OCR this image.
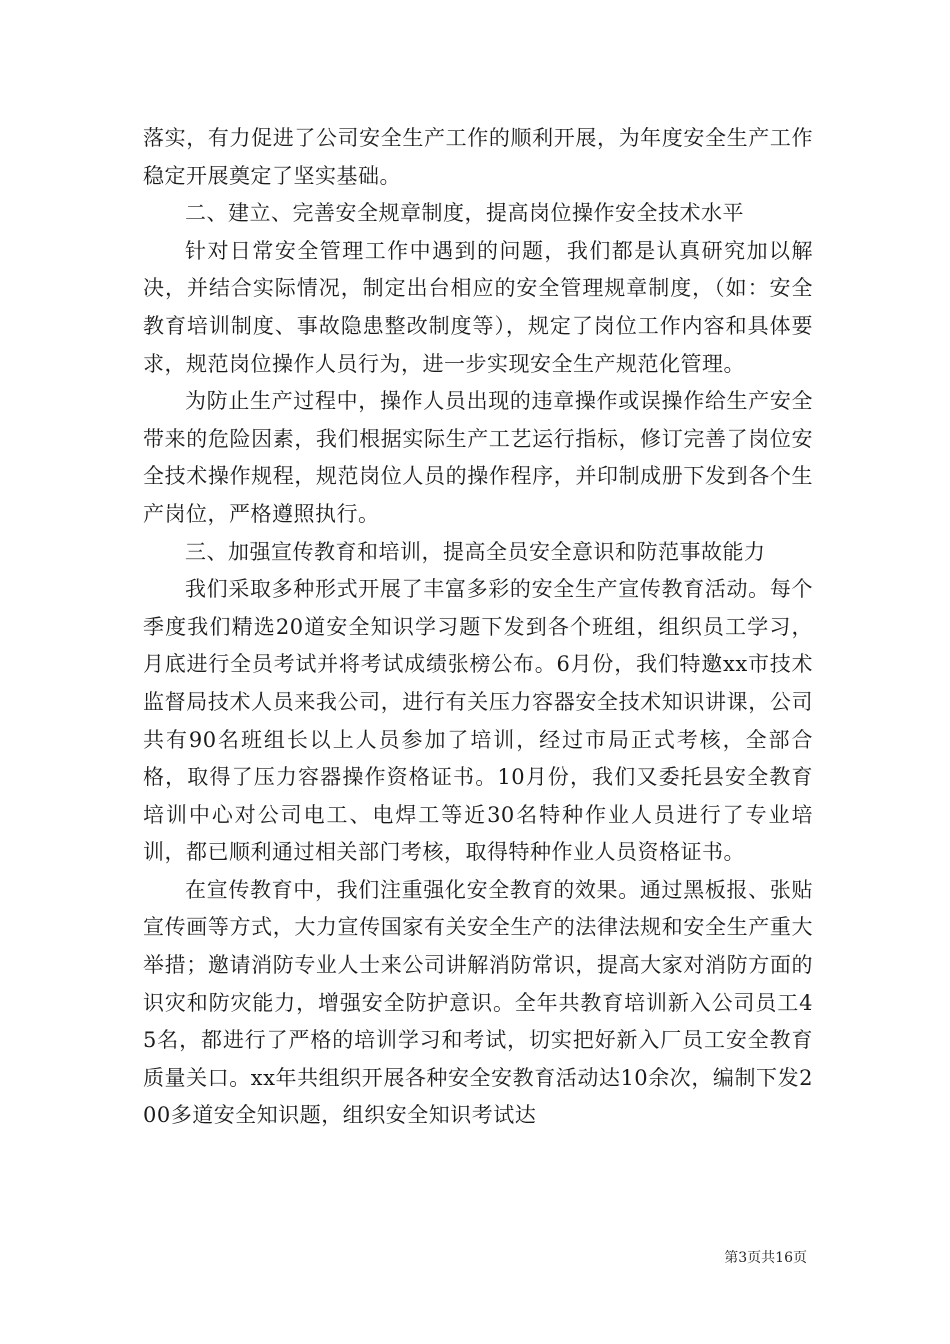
落实，有力促进了公司安全生产工作的顺利开展，为年度安全生产工作稳定开展奠定了坚实基础。

二、建立、完善安全规章制度，提高岗位操作安全技术水平

针对日常安全管理工作中遇到的问题，我们都是认真研究加以解决，并结合实际情况，制定出台相应的安全管理规章制度，（如：安全教育培训制度、事故隐患整改制度等），规定了岗位工作内容和具体要求，规范岗位操作人员行为，进一步实现安全生产规范化管理。

为防止生产过程中，操作人员出现的违章操作或误操作给生产安全带来的危险因素，我们根据实际生产工艺运行指标，修订完善了岗位安全技术操作规程，规范岗位人员的操作程序，并印制成册下发到各个生产岗位，严格遵照执行。

三、加强宣传教育和培训，提高全员安全意识和防范事故能力

我们采取多种形式开展了丰富多彩的安全生产宣传教育活动。每个季度我们精选20道安全知识学习题下发到各个班组，组织员工学习，月底进行全员考试并将考试成绩张榜公布。6月份，我们特邀xx市技术监督局技术人员来我公司，进行有关压力容器安全技术知识讲课，公司共有90名班组长以上人员参加了培训，经过市局正式考核，全部合格，取得了压力容器操作资格证书。10月份，我们又委托县安全教育培训中心对公司电工、电焊工等近30名特种作业人员进行了专业培训，都已顺利通过相关部门考核，取得特种作业人员资格证书。

在宣传教育中，我们注重强化安全教育的效果。通过黑板报、张贴宣传画等方式，大力宣传国家有关安全生产的法律法规和安全生产重大举措；邀请消防专业人士来公司讲解消防常识，提高大家对消防方面的识灾和防灾能力，增强安全防护意识。全年共教育培训新入公司员工45名，都进行了严格的培训学习和考试，切实把好新入厂员工安全教育质量关口。xx年共组织开展各种安全安教育活动达10余次，编制下发200多道安全知识题，组织安全知识考试达

第3页共16页
